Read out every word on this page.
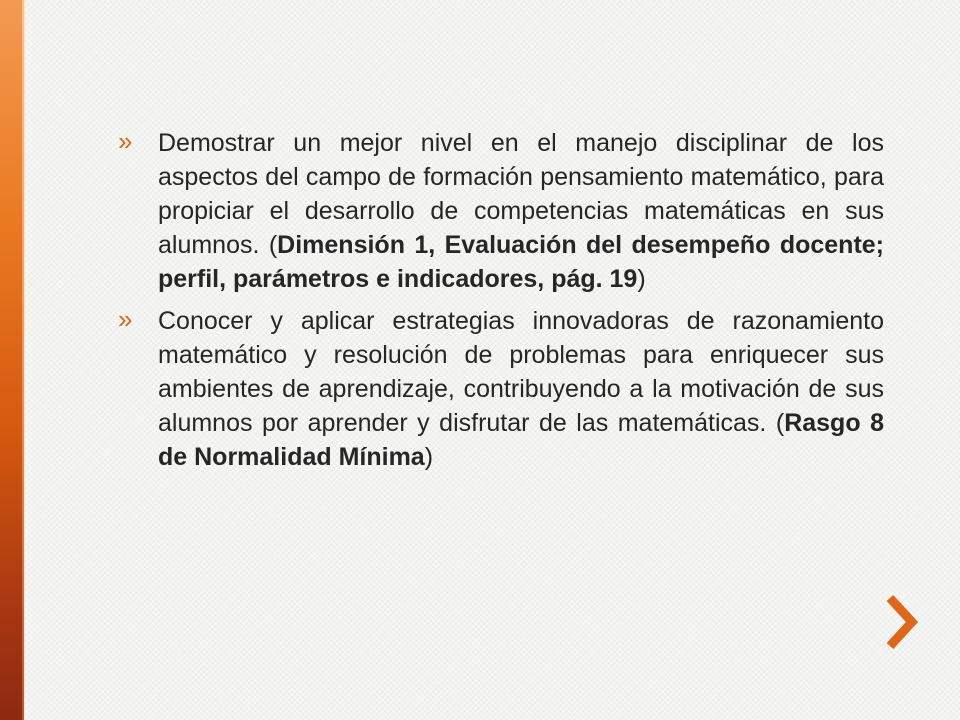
» Demostrar un mejor nivel en el manejo disciplinar de los aspectos del campo de formación pensamiento matemático, para propiciar el desarrollo de competencias matemáticas en sus alumnos. (Dimensión 1, Evaluación del desempeño docente; perfil, parámetros e indicadores, pág. 19)
» Conocer y aplicar estrategias innovadoras de razonamiento matemático y resolución de problemas para enriquecer sus ambientes de aprendizaje, contribuyendo a la motivación de sus alumnos por aprender y disfrutar de las matemáticas. (Rasgo 8 de Normalidad Mínima)
